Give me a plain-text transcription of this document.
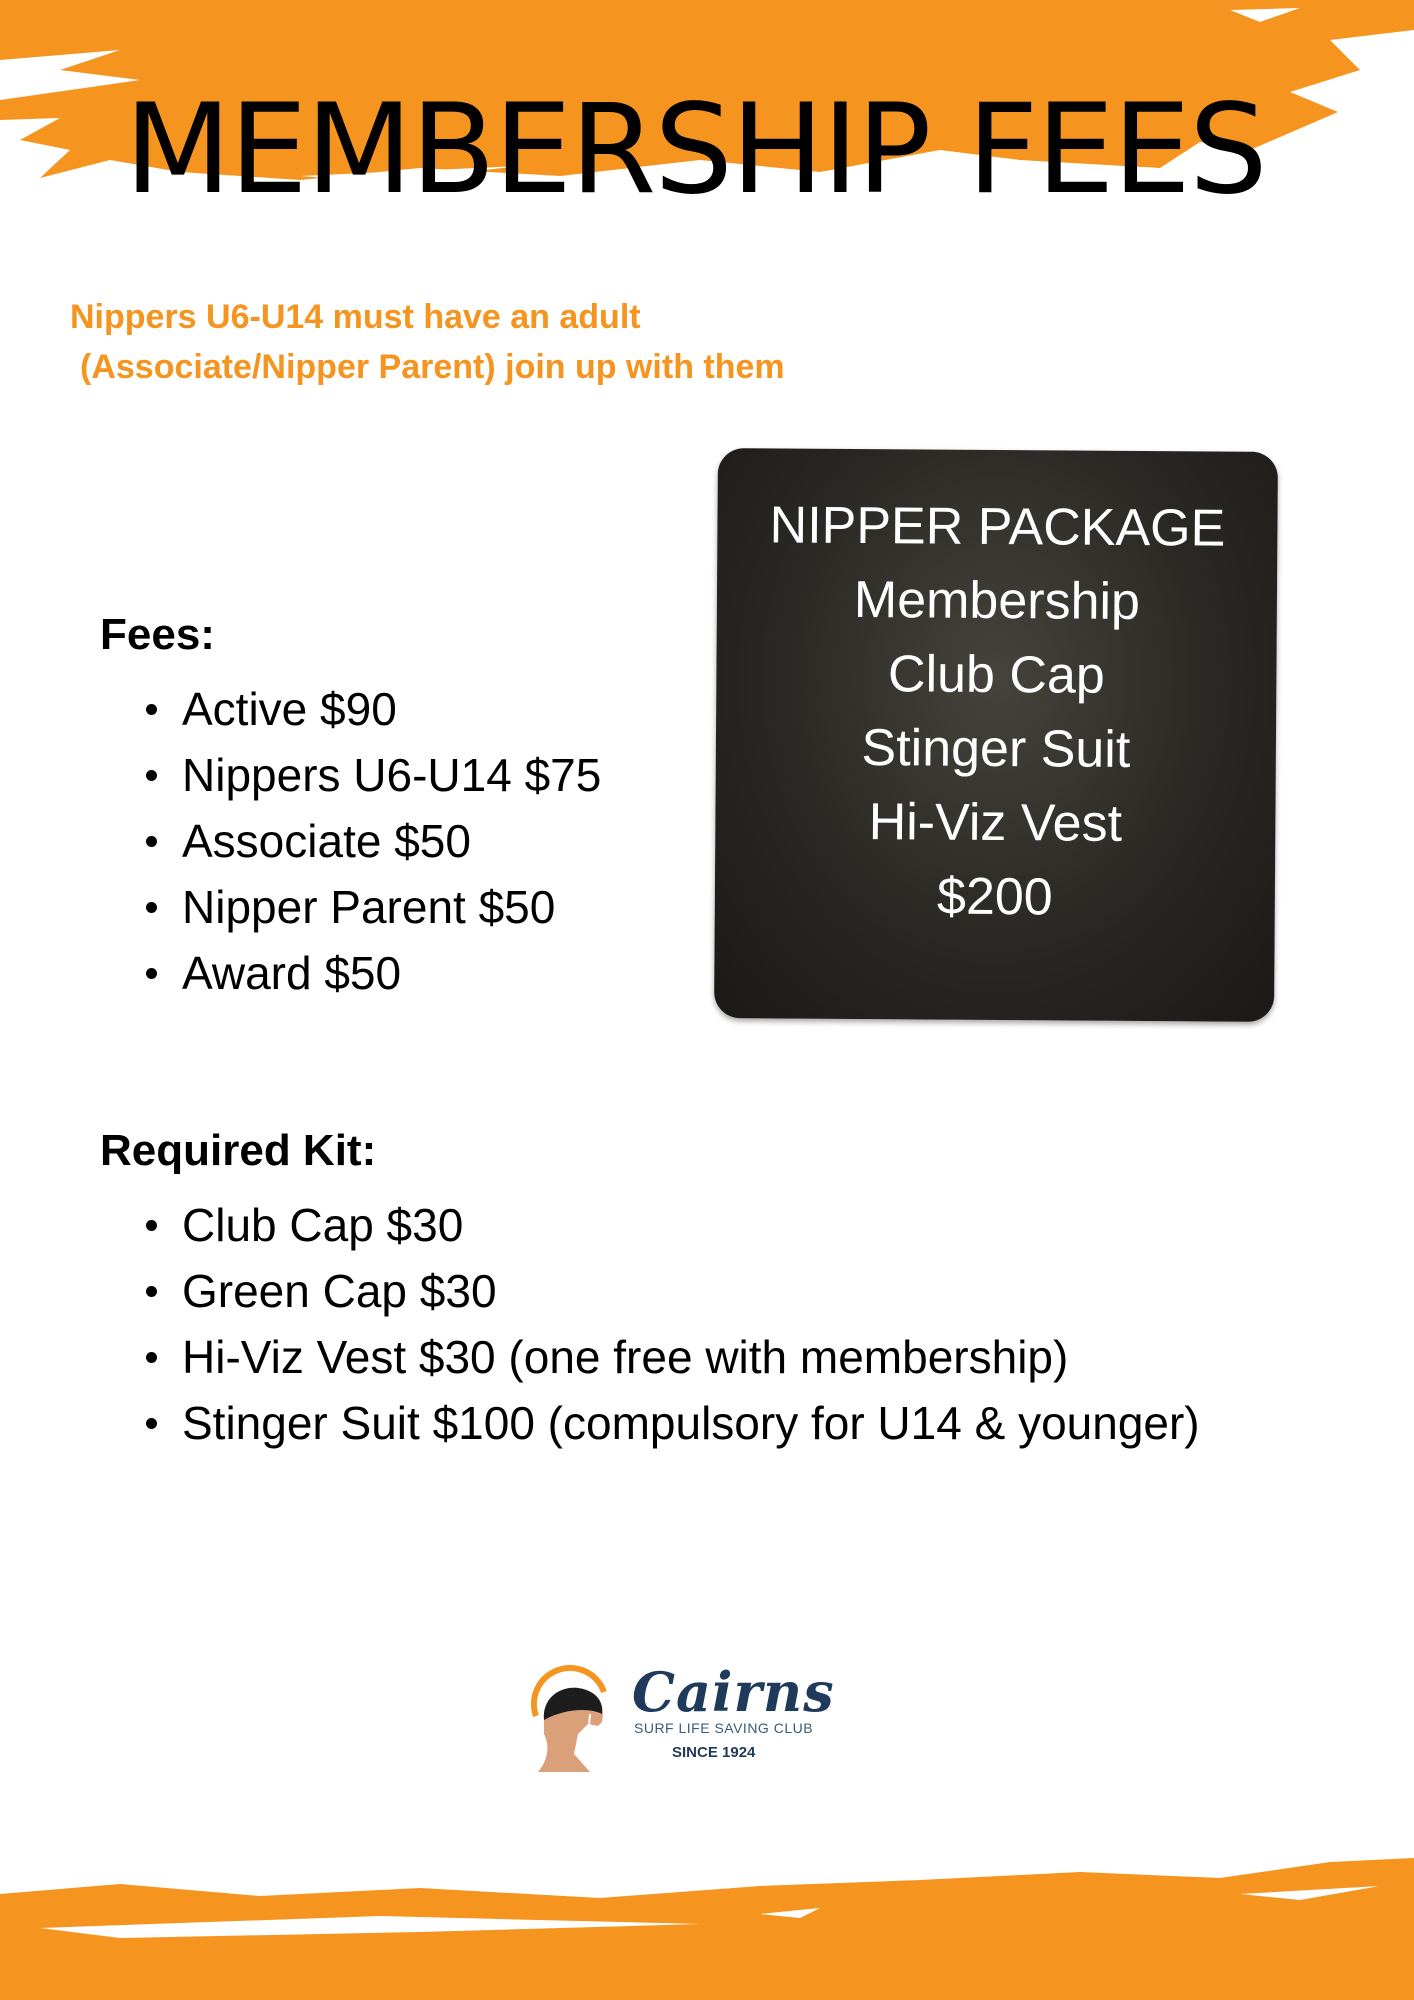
MEMBERSHIP FEES

Nippers U6-U14 must have an adult
(Associate/Nipper Parent) join up with them

Fees:
Active $90
Nippers U6-U14 $75
Associate $50
Nipper Parent $50
Award $50
NIPPER PACKAGE
Membership
Club Cap
Stinger Suit
Hi-Viz Vest
$200
Required Kit:
Club Cap $30
Green Cap $30
Hi-Viz Vest $30 (one free with membership)
Stinger Suit $100 (compulsory for U14 & younger)

Cairns

SURF LIFE SAVING CLUB

SINCE 1924
